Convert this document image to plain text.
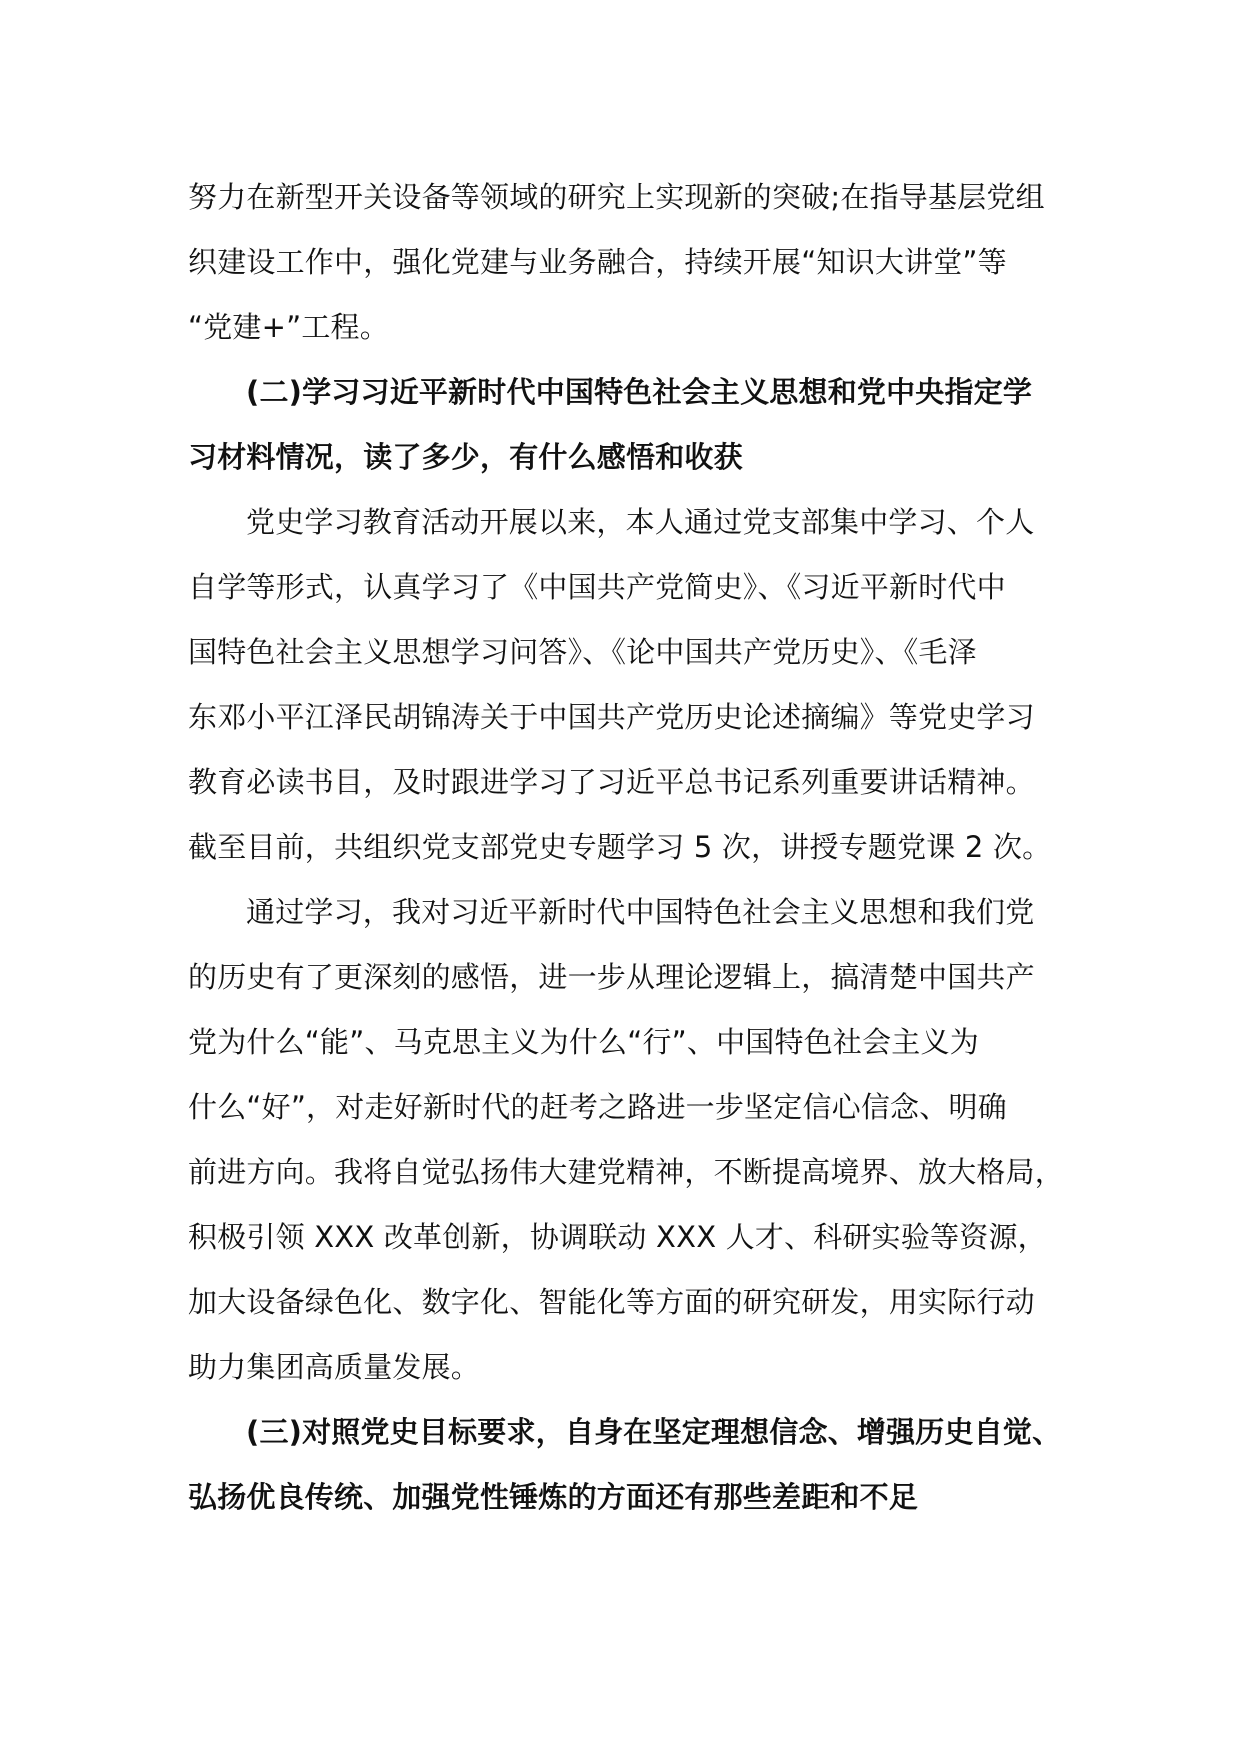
努力在新型开关设备等领域的研究上实现新的突破;在指导基层党组
织建设工作中，强化党建与业务融合，持续开展“知识大讲堂”等
“党建+”工程。
(二)学习习近平新时代中国特色社会主义思想和党中央指定学
习材料情况，读了多少，有什么感悟和收获
党史学习教育活动开展以来，本人通过党支部集中学习、个人
自学等形式，认真学习了《中国共产党简史》、《习近平新时代中
国特色社会主义思想学习问答》、《论中国共产党历史》、《毛泽
东邓小平江泽民胡锦涛关于中国共产党历史论述摘编》等党史学习
教育必读书目，及时跟进学习了习近平总书记系列重要讲话精神。
截至目前，共组织党支部党史专题学习 5 次，讲授专题党课 2 次。
通过学习，我对习近平新时代中国特色社会主义思想和我们党
的历史有了更深刻的感悟，进一步从理论逻辑上，搞清楚中国共产
党为什么“能”、马克思主义为什么“行”、中国特色社会主义为
什么“好”，对走好新时代的赶考之路进一步坚定信心信念、明确
前进方向。我将自觉弘扬伟大建党精神，不断提高境界、放大格局，
积极引领 XXX 改革创新，协调联动 XXX 人才、科研实验等资源，
加大设备绿色化、数字化、智能化等方面的研究研发，用实际行动
助力集团高质量发展。
(三)对照党史目标要求，自身在坚定理想信念、增强历史自觉、
弘扬优良传统、加强党性锤炼的方面还有那些差距和不足
